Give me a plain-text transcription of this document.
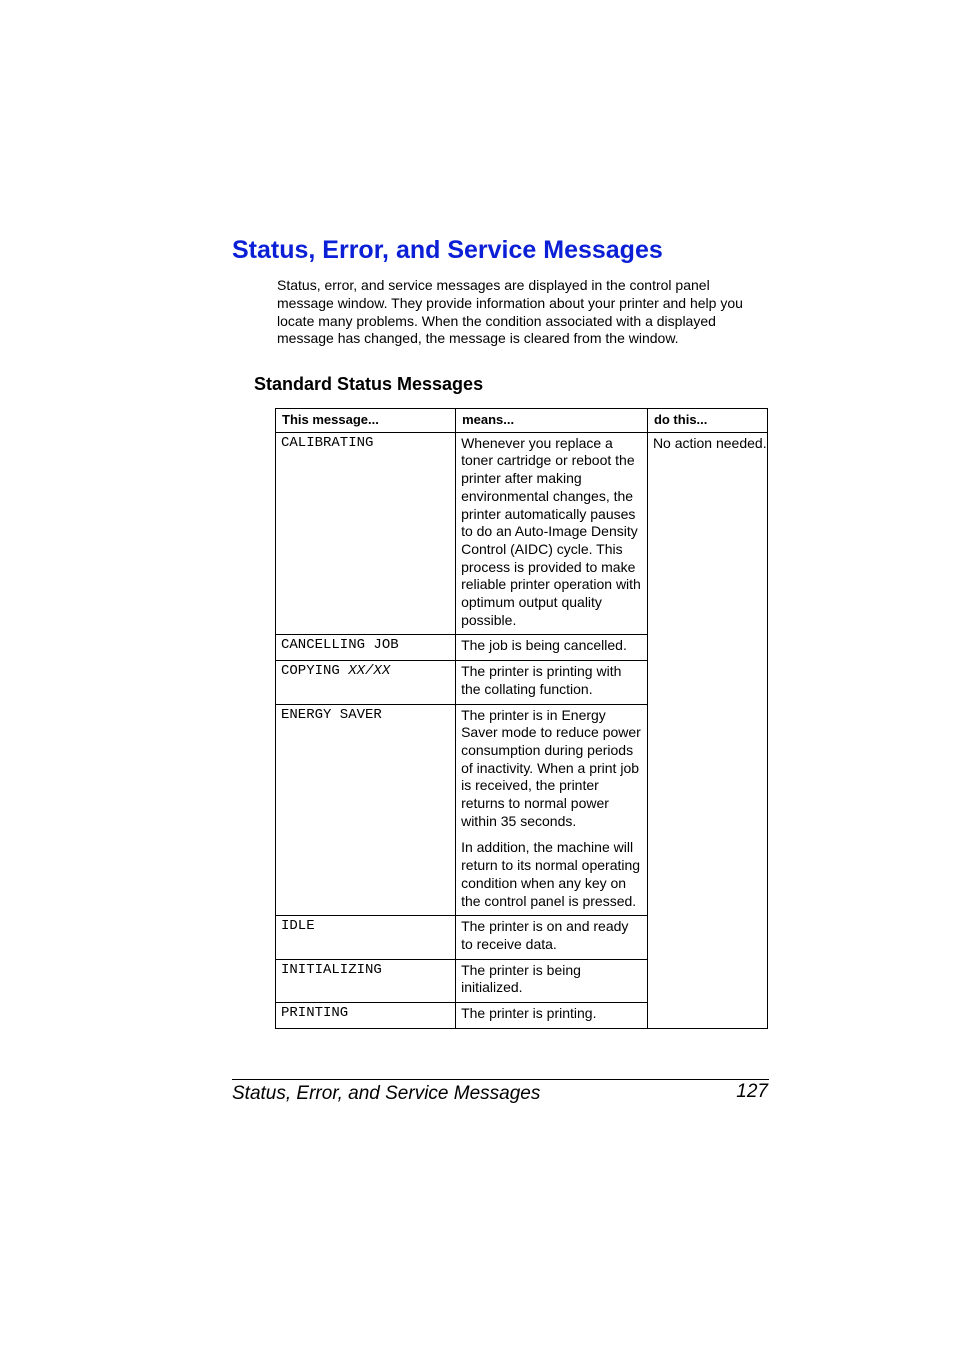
Status, Error, and Service Messages

Status, error, and service messages are displayed in the control panel message window. They provide information about your printer and help you locate many problems. When the condition associated with a displayed message has changed, the message is cleared from the window.

Standard Status Messages
This message...	means...	do this...
CALIBRATING	Whenever you replace a toner cartridge or reboot the printer after making environmental changes, the printer automatically pauses to do an Auto-Image Density Control (AIDC) cycle. This process is provided to make reliable printer operation with optimum output quality possible.	No action needed.
CANCELLING JOB	The job is being cancelled.	
COPYING XX/XX	The printer is printing with the collating function.	
ENERGY SAVER	The printer is in Energy Saver mode to reduce power consumption during periods of inactivity. When a print job is received, the printer returns to normal power within 35 seconds.
In addition, the machine will return to its normal operating condition when any key on the control panel is pressed.	

IDLE	The printer is on and ready to receive data.	
INITIALIZING	The printer is being initialized.	
PRINTING	The printer is printing.	
Status, Error, and Service Messages	127
